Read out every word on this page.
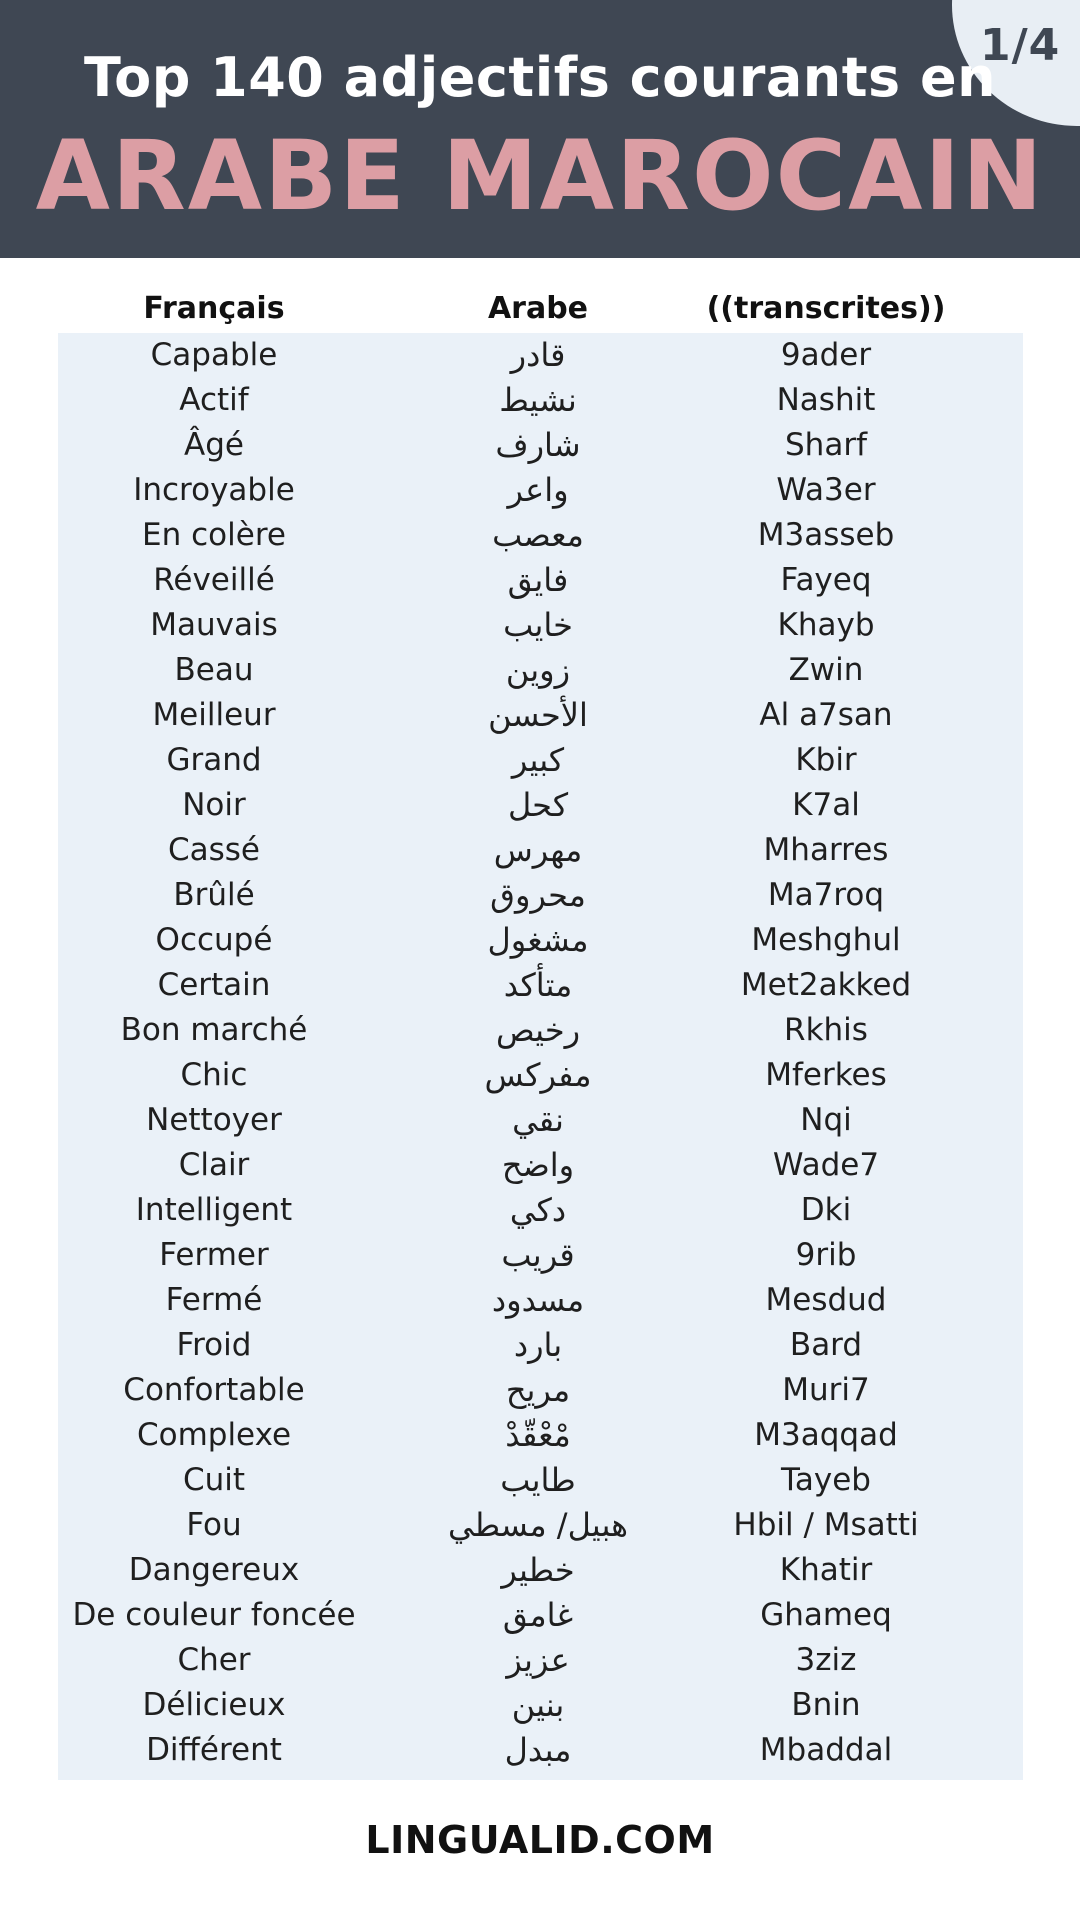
1/4
Top 140 adjectifs courants en
ARABE MAROCAIN
Français	Arabe	((transcrites))
Capable	قادر	9ader
Actif	نشيط	Nashit
Âgé	شارف	Sharf
Incroyable	واعر	Wa3er
En colère	معصب	M3asseb
Réveillé	فايق	Fayeq
Mauvais	خايب	Khayb
Beau	زوين	Zwin
Meilleur	الأحسن	Al a7san
Grand	كبير	Kbir
Noir	كحل	K7al
Cassé	مهرس	Mharres
Brûlé	محروق	Ma7roq
Occupé	مشغول	Meshghul
Certain	متأكد	Met2akked
Bon marché	رخيص	Rkhis
Chic	مفركس	Mferkes
Nettoyer	نقي	Nqi
Clair	واضح	Wade7
Intelligent	دكي	Dki
Fermer	قريب	9rib
Fermé	مسدود	Mesdud
Froid	بارد	Bard
Confortable	مريح	Muri7
Complexe	مْعْقّدْ	M3aqqad
Cuit	طايب	Tayeb
Fou	هبيل/ مسطي	Hbil / Msatti
Dangereux	خطير	Khatir
De couleur foncée	غامق	Ghameq
Cher	عزيز	3ziz
Délicieux	بنين	Bnin
Différent	مبدل	Mbaddal
LINGUALID.COM
